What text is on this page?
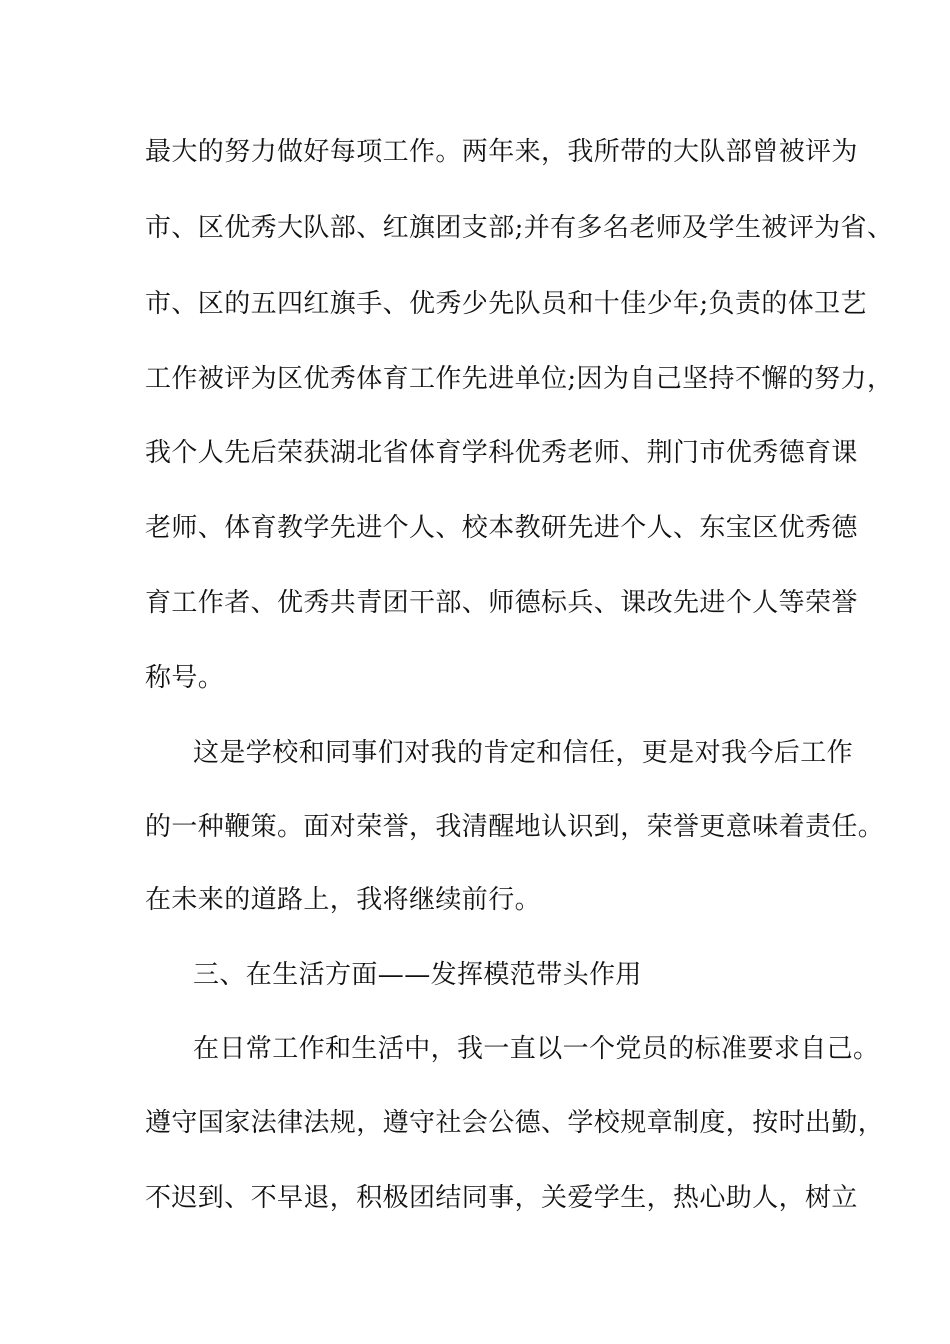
最大的努力做好每项工作。两年来，我所带的大队部曾被评为
市、区优秀大队部、红旗团支部;并有多名老师及学生被评为省、
市、区的五四红旗手、优秀少先队员和十佳少年;负责的体卫艺
工作被评为区优秀体育工作先进单位;因为自己坚持不懈的努力，
我个人先后荣获湖北省体育学科优秀老师、荆门市优秀德育课
老师、体育教学先进个人、校本教研先进个人、东宝区优秀德
育工作者、优秀共青团干部、师德标兵、课改先进个人等荣誉
称号。
这是学校和同事们对我的肯定和信任，更是对我今后工作
的一种鞭策。面对荣誉，我清醒地认识到，荣誉更意味着责任。
在未来的道路上，我将继续前行。
三、在生活方面——发挥模范带头作用
在日常工作和生活中，我一直以一个党员的标准要求自己。
遵守国家法律法规，遵守社会公德、学校规章制度，按时出勤，
不迟到、不早退，积极团结同事，关爱学生，热心助人，树立
